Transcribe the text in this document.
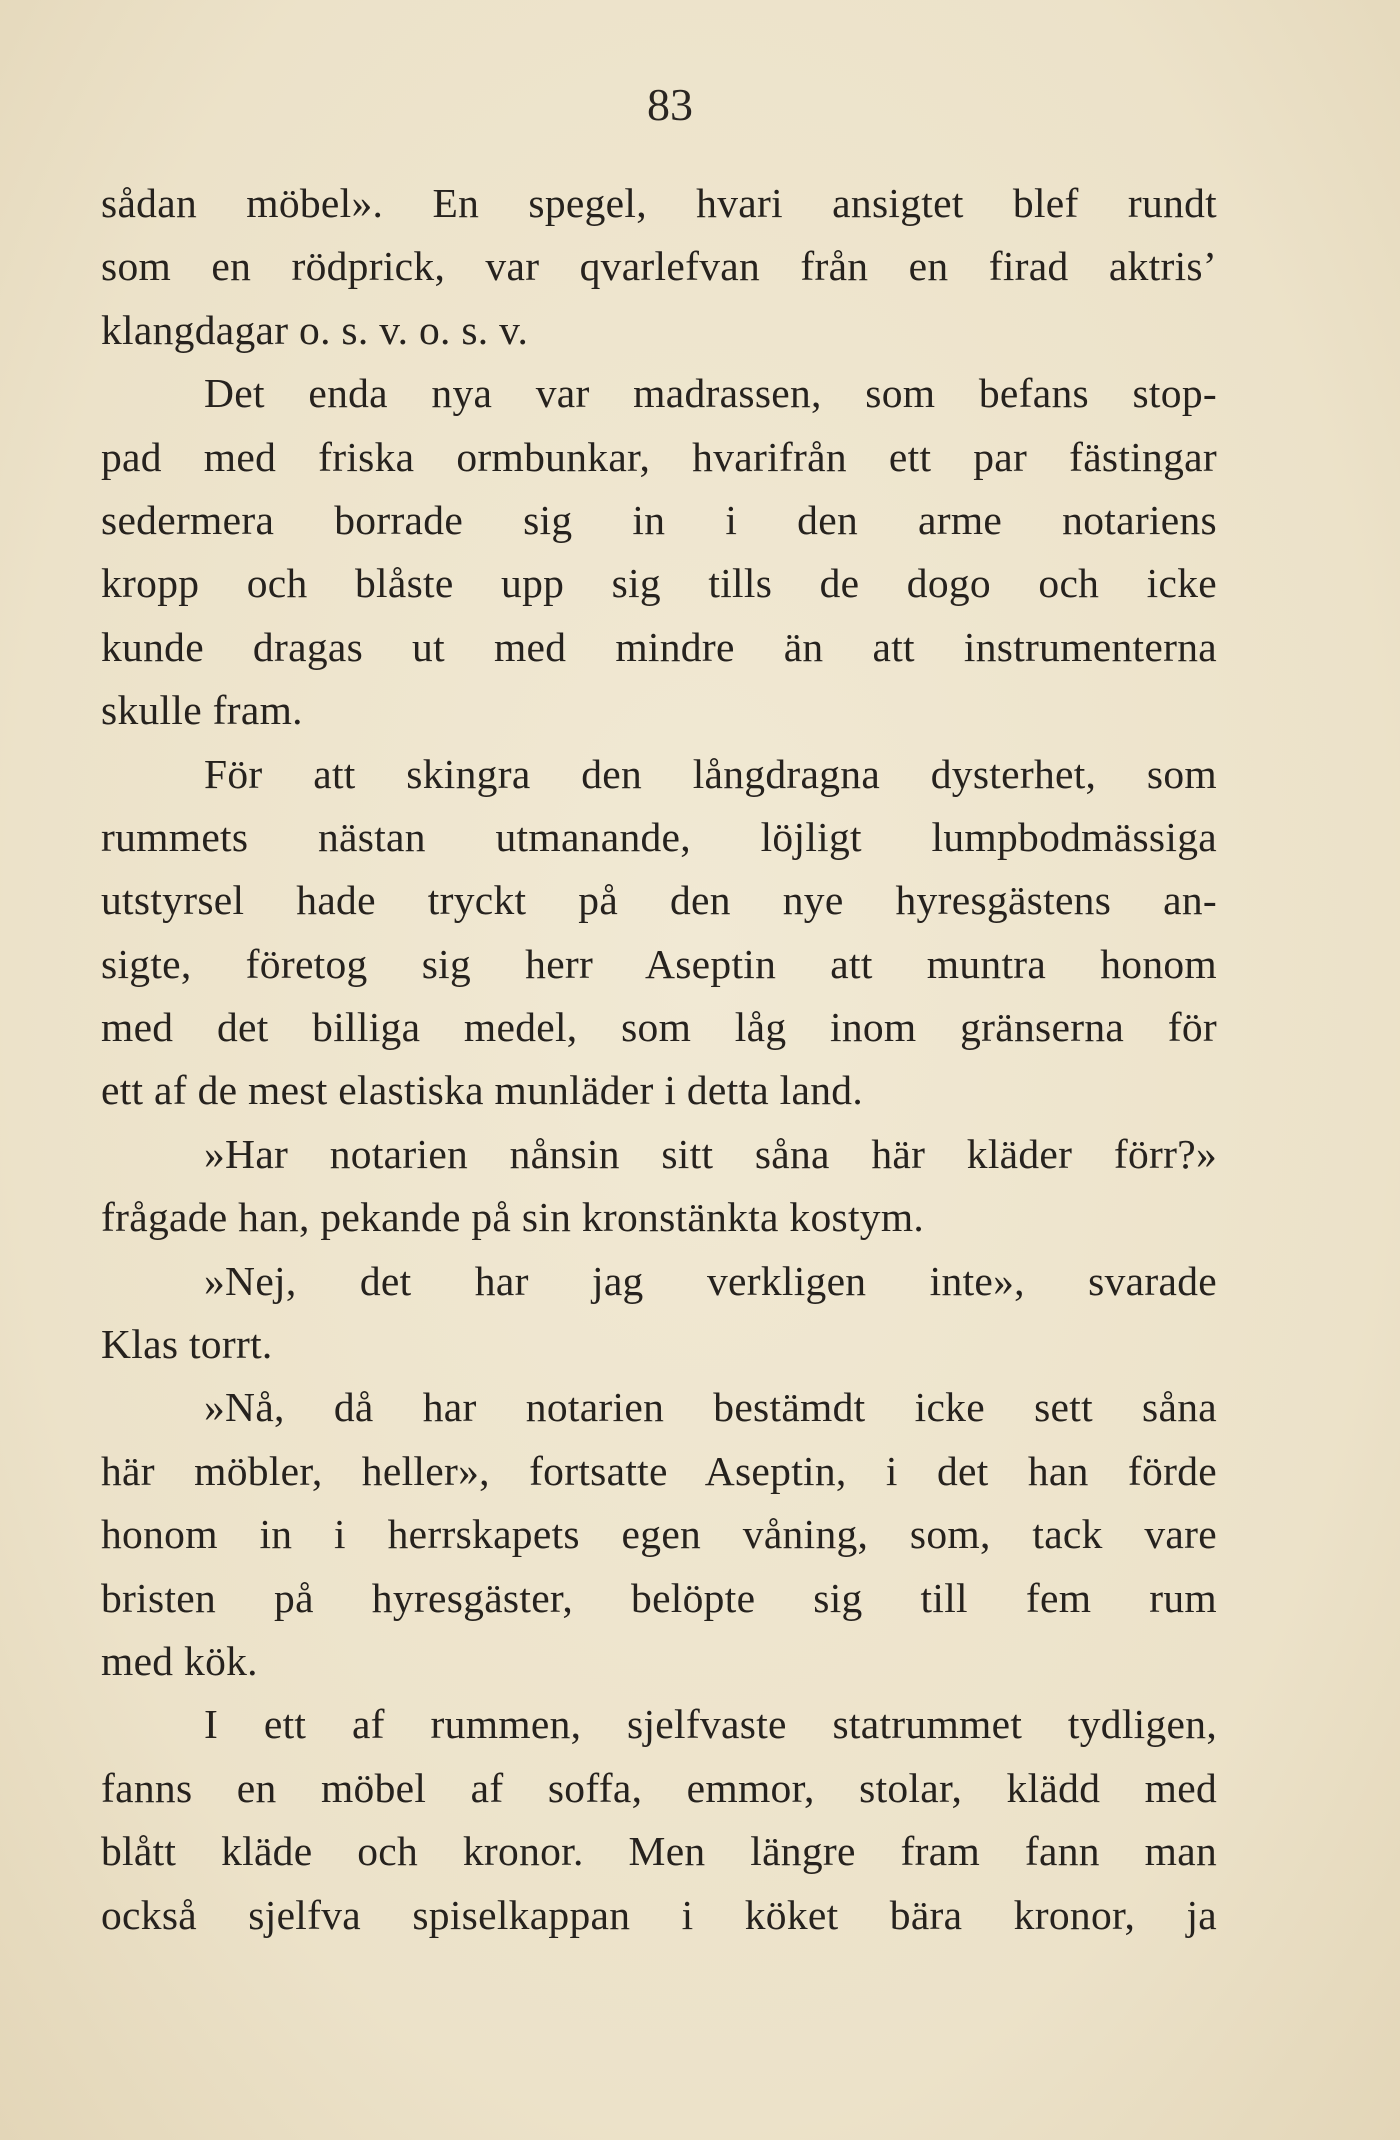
83
sådan möbel». En spegel, hvari ansigtet blef rundt
som en rödprick, var qvarlefvan från en firad aktris’
klangdagar o. s. v. o. s. v.
Det enda nya var madrassen, som befans stop-
pad med friska ormbunkar, hvarifrån ett par fästingar
sedermera borrade sig in i den arme notariens
kropp och blåste upp sig tills de dogo och icke
kunde dragas ut med mindre än att instrumenterna
skulle fram.
För att skingra den långdragna dysterhet, som
rummets nästan utmanande, löjligt lumpbodmässiga
utstyrsel hade tryckt på den nye hyresgästens an-
sigte, företog sig herr Aseptin att muntra honom
med det billiga medel, som låg inom gränserna för
ett af de mest elastiska munläder i detta land.
»Har notarien nånsin sitt såna här kläder förr?»
frågade han, pekande på sin kronstänkta kostym.
»Nej, det har jag verkligen inte», svarade
Klas torrt.
»Nå, då har notarien bestämdt icke sett såna
här möbler, heller», fortsatte Aseptin, i det han förde
honom in i herrskapets egen våning, som, tack vare
bristen på hyresgäster, belöpte sig till fem rum
med kök.
I ett af rummen, sjelfvaste statrummet tydligen,
fanns en möbel af soffa, emmor, stolar, klädd med
blått kläde och kronor. Men längre fram fann man
också sjelfva spiselkappan i köket bära kronor, ja
